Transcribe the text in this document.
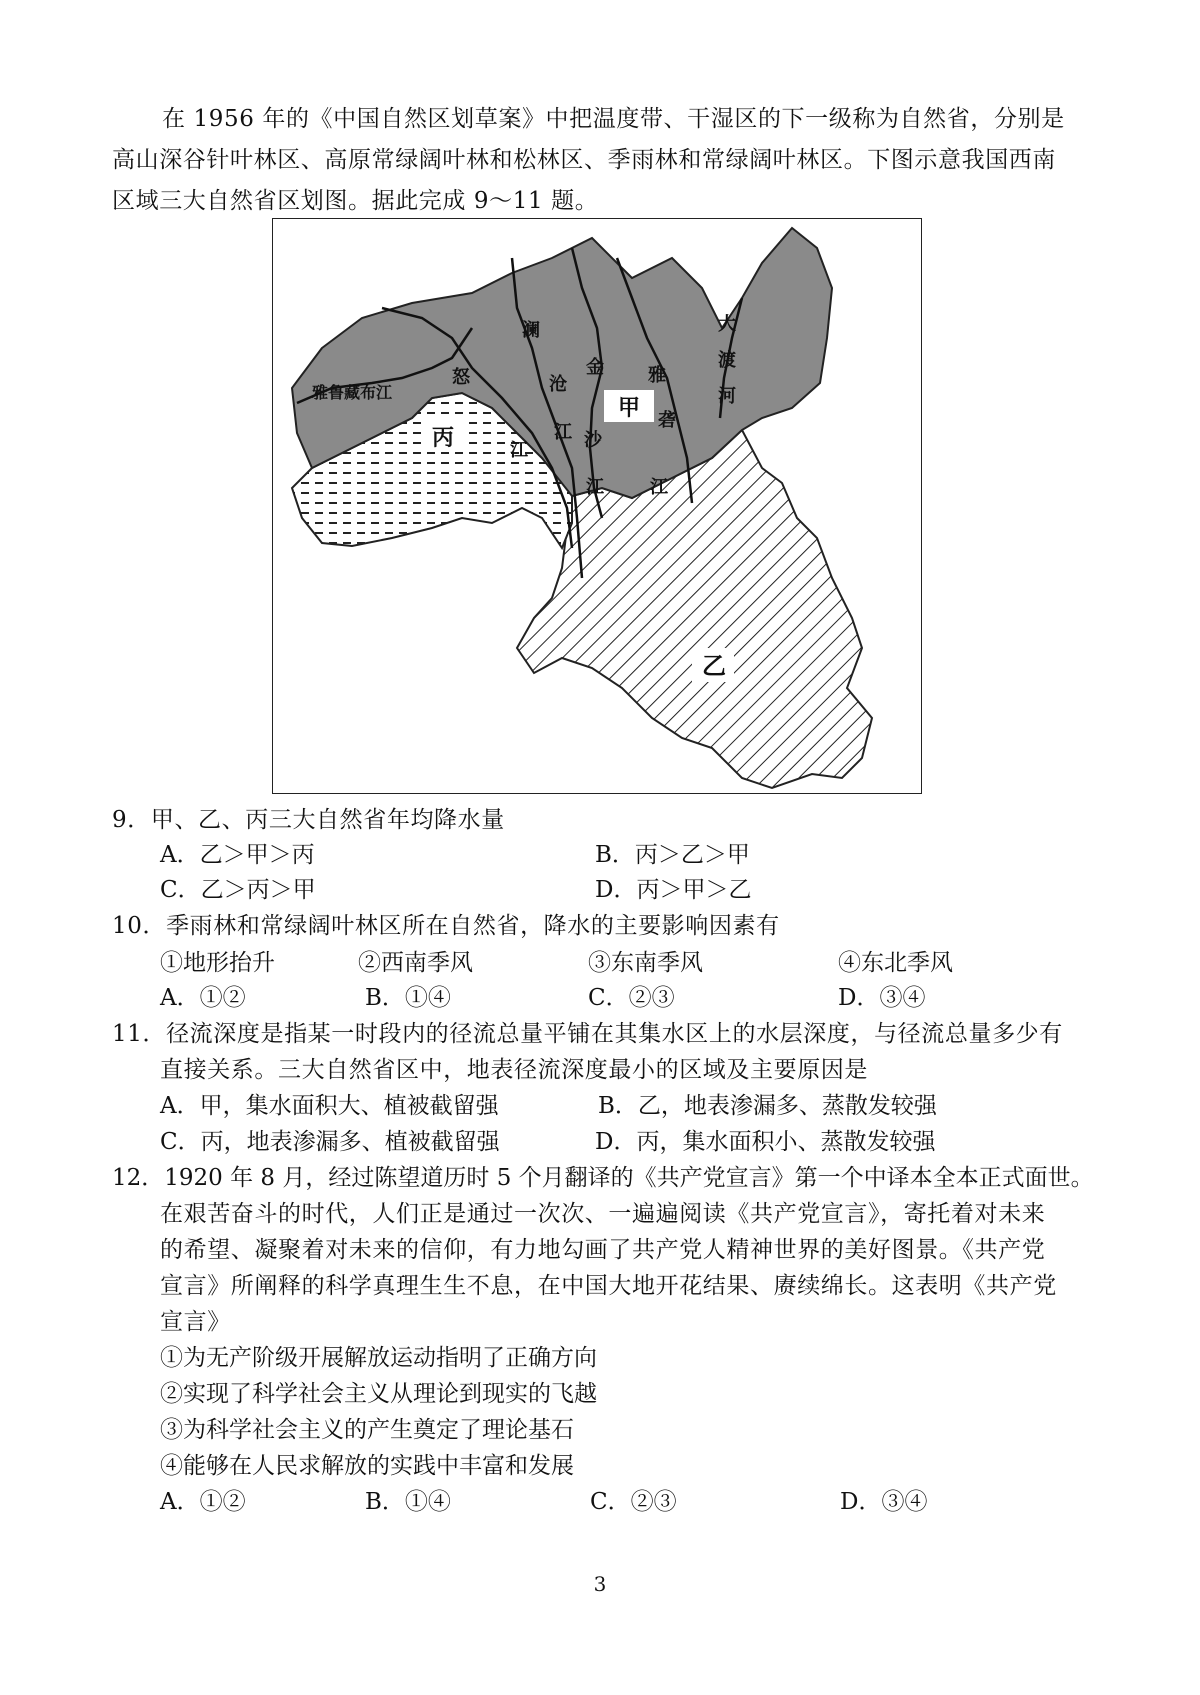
在 1956 年的《中国自然区划草案》中把温度带、干湿区的下一级称为自然省，分别是
高山深谷针叶林区、高原常绿阔叶林和松林区、季雨林和常绿阔叶林区。下图示意我国西南
区域三大自然省区划图。据此完成 9～11 题。
甲
丙
乙
雅鲁藏布江
怒
江
澜
沧
江
金
沙
江
雅
砻
江
大
渡
河
9．甲、乙、丙三大自然省年均降水量
A．乙＞甲＞丙	B．丙＞乙＞甲
C．乙＞丙＞甲	D．丙＞甲＞乙
10．季雨林和常绿阔叶林区所在自然省，降水的主要影响因素有
①地形抬升	②西南季风	③东南季风	④东北季风
A．①②	B．①④	C．②③	D．③④
11．径流深度是指某一时段内的径流总量平铺在其集水区上的水层深度，与径流总量多少有
直接关系。三大自然省区中，地表径流深度最小的区域及主要原因是
A．甲，集水面积大、植被截留强	B．乙，地表渗漏多、蒸散发较强
C．丙，地表渗漏多、植被截留强	D．丙，集水面积小、蒸散发较强
12．1920 年 8 月，经过陈望道历时 5 个月翻译的《共产党宣言》第一个中译本全本正式面世。
在艰苦奋斗的时代，人们正是通过一次次、一遍遍阅读《共产党宣言》，寄托着对未来
的希望、凝聚着对未来的信仰，有力地勾画了共产党人精神世界的美好图景。《共产党
宣言》所阐释的科学真理生生不息，在中国大地开花结果、赓续绵长。这表明《共产党
宣言》
①为无产阶级开展解放运动指明了正确方向
②实现了科学社会主义从理论到现实的飞越
③为科学社会主义的产生奠定了理论基石
④能够在人民求解放的实践中丰富和发展
A．①②	B．①④	C．②③	D．③④
3
